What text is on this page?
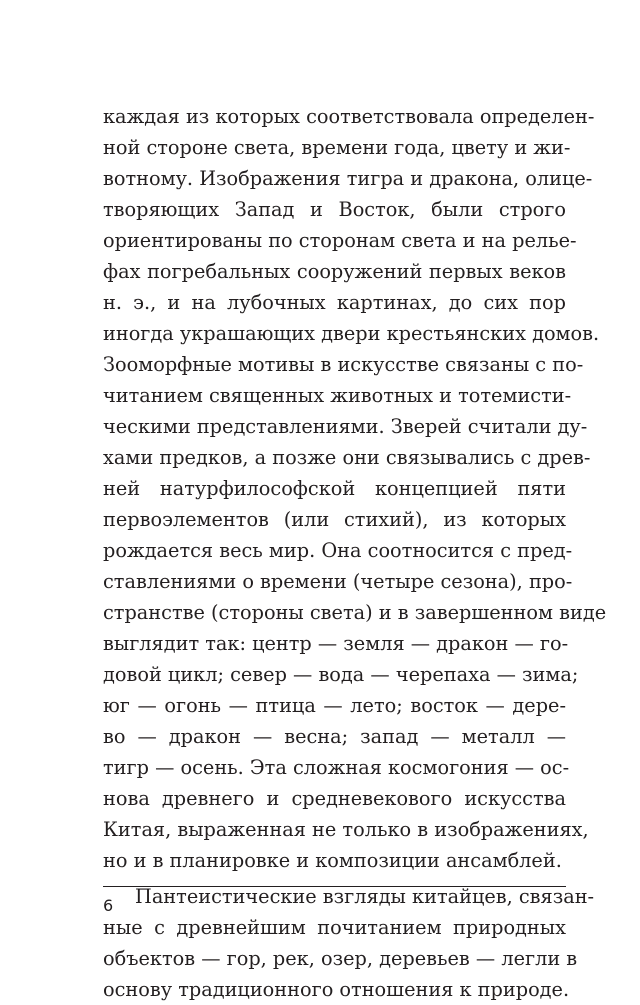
каждая из которых соответствовала определен-
ной стороне света, времени года, цвету и жи-
вотному. Изображения тигра и дракона, олице-
творяющих Запад и Восток, были строго
ориентированы по сторонам света и на релье-
фах погребальных сооружений первых веков
н. э., и на лубочных картинах, до сих пор
иногда украшающих двери крестьянских домов.
Зооморфные мотивы в искусстве связаны с по-
читанием священных животных и тотемисти-
ческими представлениями. Зверей считали ду-
хами предков, а позже они связывались с древ-
ней натурфилософской концепцией пяти
первоэлементов (или стихий), из которых
рождается весь мир. Она соотносится с пред-
ставлениями о времени (четыре сезона), про-
странстве (стороны света) и в завершенном виде
выглядит так: центр — земля — дракон — го-
довой цикл; север — вода — черепаха — зима;
юг — огонь — птица — лето; восток — дере-
во — дракон — весна; запад — металл —
тигр — осень. Эта сложная космогония — ос-
нова древнего и средневекового искусства
Китая, выраженная не только в изображениях,
но и в планировке и композиции ансамблей.

Пантеистические взгляды китайцев, связан-
ные с древнейшим почитанием природных
объектов — гор, рек, озер, деревьев — легли в
основу традиционного отношения к природе.

6
